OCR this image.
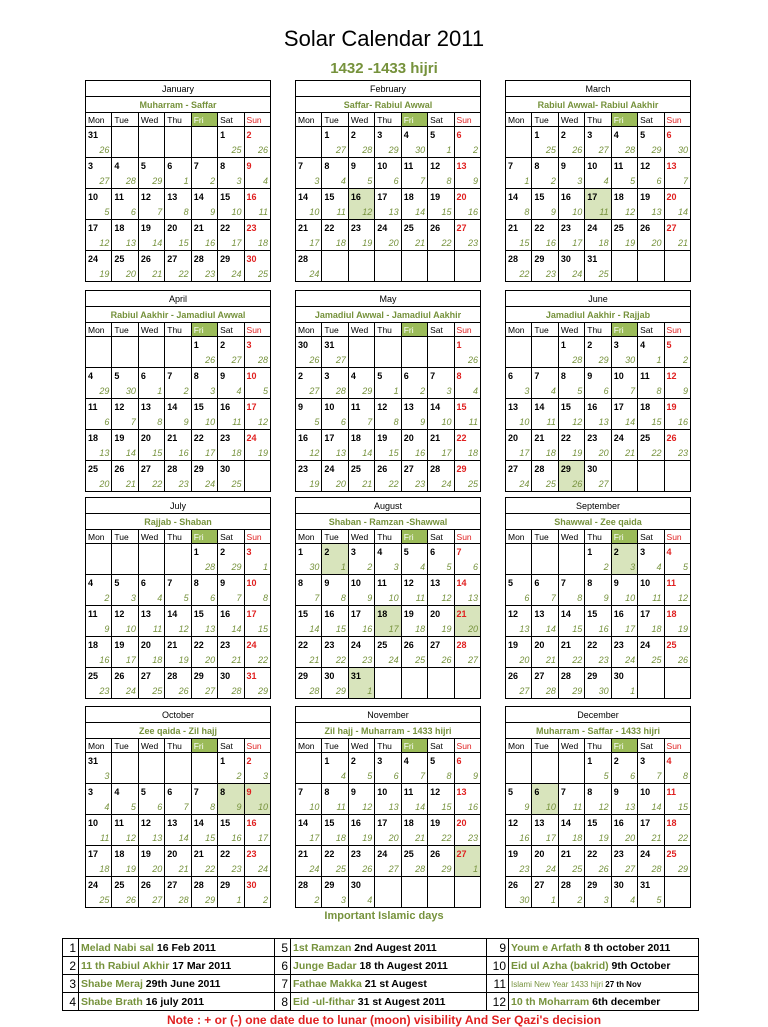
Solar Calendar 2011
1432 -1433 hijri
January						
Muharram - Saffar						
Mon	Tue	Wed	Thu	Fri	Sat	Sun
31					1	2
26					25	26
3	4	5	6	7	8	9
27	28	29	1	2	3	4
10	11	12	13	14	15	16
5	6	7	8	9	10	11
17	18	19	20	21	22	23
12	13	14	15	16	17	18
24	25	26	27	28	29	30
19	20	21	22	23	24	25
February						
Saffar- Rabiul Awwal						
Mon	Tue	Wed	Thu	Fri	Sat	Sun
	1	2	3	4	5	6
	27	28	29	30	1	2
7	8	9	10	11	12	13
3	4	5	6	7	8	9
14	15	16	17	18	19	20
10	11	12	13	14	15	16
21	22	23	24	25	26	27
17	18	19	20	21	22	23
28						
24						
March						
Rabiul Awwal- Rabiul Aakhir						
Mon	Tue	Wed	Thu	Fri	Sat	Sun
	1	2	3	4	5	6
	25	26	27	28	29	30
7	8	9	10	11	12	13
1	2	3	4	5	6	7
14	15	16	17	18	19	20
8	9	10	11	12	13	14
21	22	23	24	25	26	27
15	16	17	18	19	20	21
28	29	30	31			
22	23	24	25			
April						
Rabiul Aakhir - Jamadiul Awwal						
Mon	Tue	Wed	Thu	Fri	Sat	Sun
				1	2	3
				26	27	28
4	5	6	7	8	9	10
29	30	1	2	3	4	5
11	12	13	14	15	16	17
6	7	8	9	10	11	12
18	19	20	21	22	23	24
13	14	15	16	17	18	19
25	26	27	28	29	30	
20	21	22	23	24	25	
May						
Jamadiul Awwal - Jamadiul Aakhir						
Mon	Tue	Wed	Thu	Fri	Sat	Sun
30	31					1
26	27					26
2	3	4	5	6	7	8
27	28	29	1	2	3	4
9	10	11	12	13	14	15
5	6	7	8	9	10	11
16	17	18	19	20	21	22
12	13	14	15	16	17	18
23	24	25	26	27	28	29
19	20	21	22	23	24	25
June						
Jamadiul Aakhir - Rajjab						
Mon	Tue	Wed	Thu	Fri	Sat	Sun
		1	2	3	4	5
		28	29	30	1	2
6	7	8	9	10	11	12
3	4	5	6	7	8	9
13	14	15	16	17	18	19
10	11	12	13	14	15	16
20	21	22	23	24	25	26
17	18	19	20	21	22	23
27	28	29	30			
24	25	26	27			
July						
Rajjab - Shaban						
Mon	Tue	Wed	Thu	Fri	Sat	Sun
				1	2	3
				28	29	1
4	5	6	7	8	9	10
2	3	4	5	6	7	8
11	12	13	14	15	16	17
9	10	11	12	13	14	15
18	19	20	21	22	23	24
16	17	18	19	20	21	22
25	26	27	28	29	30	31
23	24	25	26	27	28	29
August						
Shaban - Ramzan -Shawwal						
Mon	Tue	Wed	Thu	Fri	Sat	Sun
1	2	3	4	5	6	7
30	1	2	3	4	5	6
8	9	10	11	12	13	14
7	8	9	10	11	12	13
15	16	17	18	19	20	21
14	15	16	17	18	19	20
22	23	24	25	26	27	28
21	22	23	24	25	26	27
29	30	31				
28	29	1				
September						
Shawwal - Zee qaida						
Mon	Tue	Wed	Thu	Fri	Sat	Sun
			1	2	3	4
			2	3	4	5
5	6	7	8	9	10	11
6	7	8	9	10	11	12
12	13	14	15	16	17	18
13	14	15	16	17	18	19
19	20	21	22	23	24	25
20	21	22	23	24	25	26
26	27	28	29	30		
27	28	29	30	1		
October						
Zee qaida - Zil hajj						
Mon	Tue	Wed	Thu	Fri	Sat	Sun
31					1	2
3					2	3
3	4	5	6	7	8	9
4	5	6	7	8	9	10
10	11	12	13	14	15	16
11	12	13	14	15	16	17
17	18	19	20	21	22	23
18	19	20	21	22	23	24
24	25	26	27	28	29	30
25	26	27	28	29	1	2
November						
Zil hajj - Muharram - 1433 hijri						
Mon	Tue	Wed	Thu	Fri	Sat	Sun
	1	2	3	4	5	6
	4	5	6	7	8	9
7	8	9	10	11	12	13
10	11	12	13	14	15	16
14	15	16	17	18	19	20
17	18	19	20	21	22	23
21	22	23	24	25	26	27
24	25	26	27	28	29	1
28	29	30				
2	3	4				
December						
Muharram - Saffar - 1433 hijri						
Mon	Tue	Wed	Thu	Fri	Sat	Sun
			1	2	3	4
			5	6	7	8
5	6	7	8	9	10	11
9	10	11	12	13	14	15
12	13	14	15	16	17	18
16	17	18	19	20	21	22
19	20	21	22	23	24	25
23	24	25	26	27	28	29
26	27	28	29	30	31	
30	1	2	3	4	5	
Important Islamic days
1	Melad Nabi sal 16 Feb 2011	5	1st Ramzan 2nd Augest 2011	9	Youm e Arfath 8 th october 2011
2	11 th Rabiul Akhir 17 Mar 2011	6	Junge Badar 18 th Augest 2011	10	Eid ul Azha (bakrid) 9th October
3	Shabe Meraj 29th June 2011	7	Fathae Makka 21 st Augest	11	Islami New Year 1433 hijri 27 th Nov
4	Shabe Brath 16 july 2011	8	Eid -ul-fithar 31 st Augest 2011	12	10 th Moharram 6th december
Note : + or (-) one date due to lunar (moon) visibility And Ser Qazi's decision
